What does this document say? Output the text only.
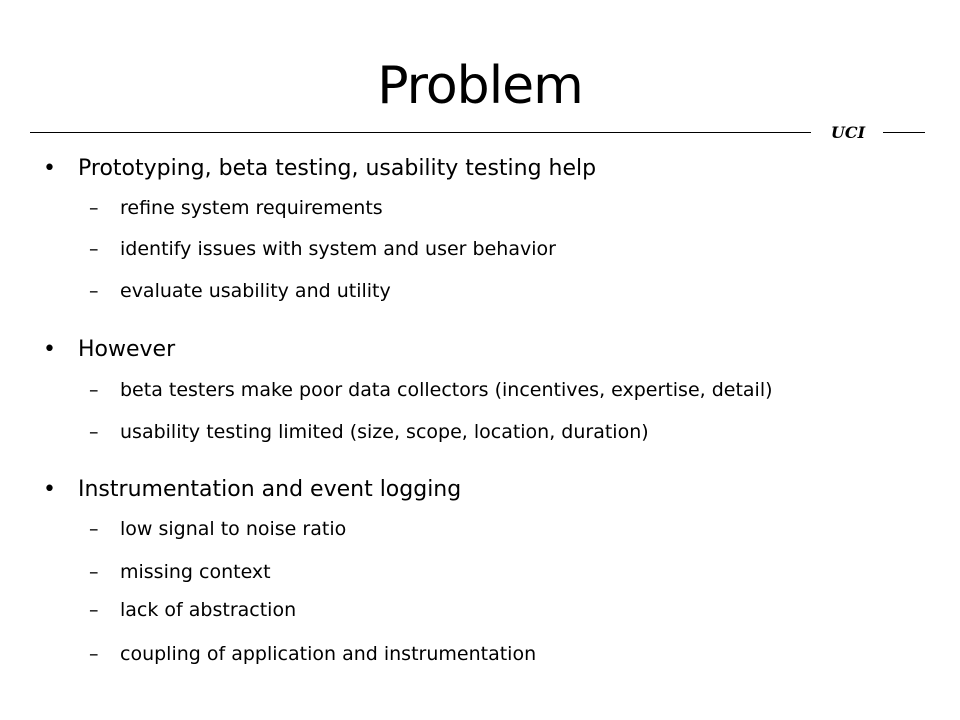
Problem
UCI
• Prototyping, beta testing, usability testing help
– refine system requirements
– identify issues with system and user behavior
– evaluate usability and utility
• However
– beta testers make poor data collectors (incentives, expertise, detail)
– usability testing limited (size, scope, location, duration)
• Instrumentation and event logging
– low signal to noise ratio
– missing context
– lack of abstraction
– coupling of application and instrumentation
